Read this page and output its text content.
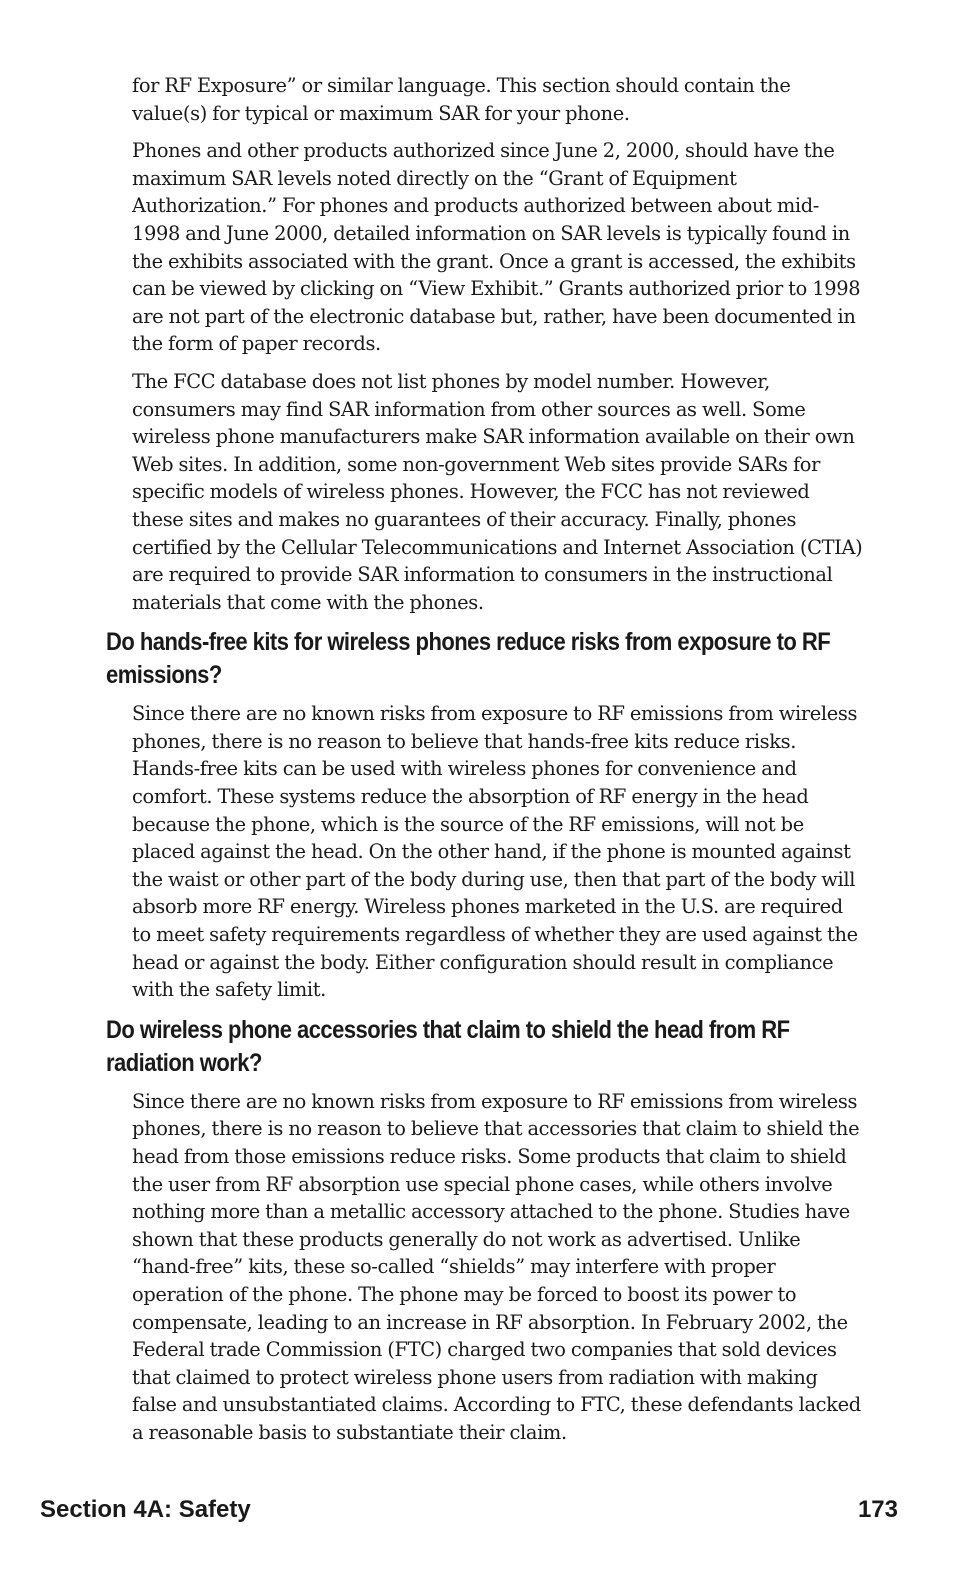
for RF Exposure” or similar language. This section should contain the value(s) for typical or maximum SAR for your phone.

Phones and other products authorized since June 2, 2000, should have the maximum SAR levels noted directly on the “Grant of Equipment Authorization.” For phones and products authorized between about mid-1998 and June 2000, detailed information on SAR levels is typically found in the exhibits associated with the grant. Once a grant is accessed, the exhibits can be viewed by clicking on “View Exhibit.” Grants authorized prior to 1998 are not part of the electronic database but, rather, have been documented in the form of paper records.

The FCC database does not list phones by model number. However, consumers may find SAR information from other sources as well. Some wireless phone manufacturers make SAR information available on their own Web sites. In addition, some non-government Web sites provide SARs for specific models of wireless phones. However, the FCC has not reviewed these sites and makes no guarantees of their accuracy. Finally, phones certified by the Cellular Telecommunications and Internet Association (CTIA) are required to provide SAR information to consumers in the instructional materials that come with the phones.

Do hands-free kits for wireless phones reduce risks from exposure to RF emissions?

Since there are no known risks from exposure to RF emissions from wireless phones, there is no reason to believe that hands-free kits reduce risks. Hands-free kits can be used with wireless phones for convenience and comfort. These systems reduce the absorption of RF energy in the head because the phone, which is the source of the RF emissions, will not be placed against the head. On the other hand, if the phone is mounted against the waist or other part of the body during use, then that part of the body will absorb more RF energy. Wireless phones marketed in the U.S. are required to meet safety requirements regardless of whether they are used against the head or against the body. Either configuration should result in compliance with the safety limit.

Do wireless phone accessories that claim to shield the head from RF radiation work?

Since there are no known risks from exposure to RF emissions from wireless phones, there is no reason to believe that accessories that claim to shield the head from those emissions reduce risks. Some products that claim to shield the user from RF absorption use special phone cases, while others involve nothing more than a metallic accessory attached to the phone. Studies have shown that these products generally do not work as advertised. Unlike “hand-free” kits, these so-called “shields” may interfere with proper operation of the phone. The phone may be forced to boost its power to compensate, leading to an increase in RF absorption. In February 2002, the Federal trade Commission (FTC) charged two companies that sold devices that claimed to protect wireless phone users from radiation with making false and unsubstantiated claims. According to FTC, these defendants lacked a reasonable basis to substantiate their claim.

Section 4A: Safety	173
